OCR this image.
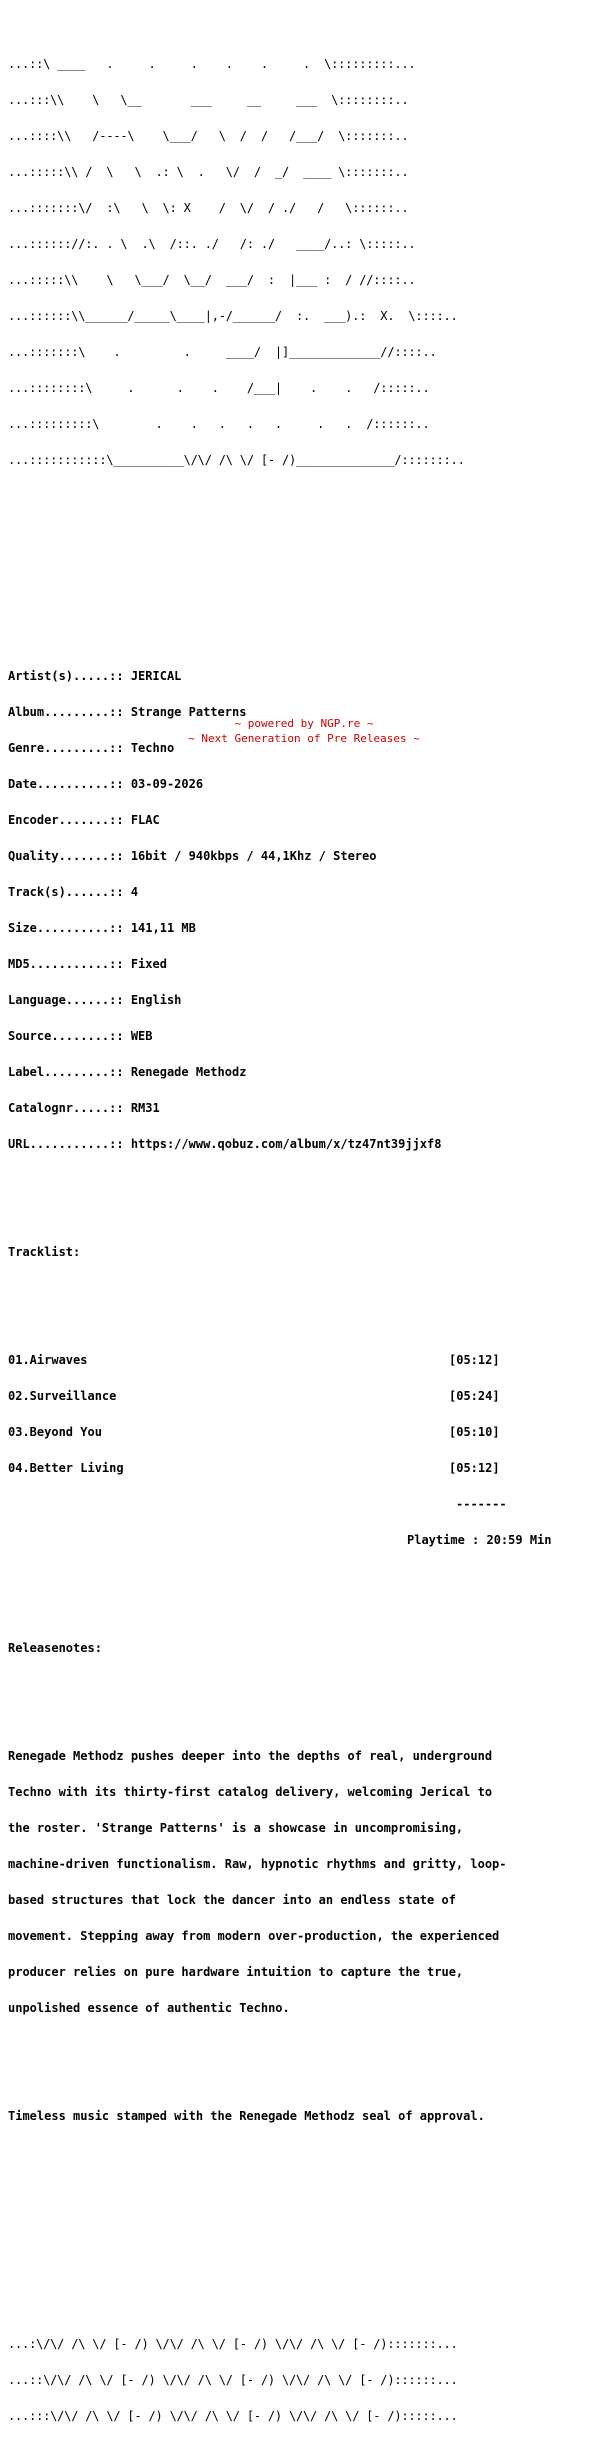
...::\ ____   .     .     .    .    .     .  \:::::::::...

...:::\\    \   \__       ___     __     ___  \::::::::..

...::::\\   /----\    \___/   \  /  /   /___/  \:::::::..

...:::::\\ /  \   \  .: \  .   \/  /  _/  ____ \:::::::..

...:::::::\/  :\   \  \: X    /  \/  / ./   /   \::::::..

...:::::://:. . \  .\  /::. ./   /: ./   ____/..: \:::::..

...:::::\\    \   \___/  \__/  ___/  :  |___ :  / //::::..

...::::::\\______/_____\____|,-/______/  :.  ___).:  X.  \::::..

...:::::::\    .         .     ____/  |]_____________//::::..

...::::::::\     .      .    .    /___|    .    .   /:::::..

...:::::::::\        .    .   .   .   .     .   .  /::::::..

...:::::::::::\__________\/\/ /\ \/ [- /)______________/:::::::..

Artist(s).....:: JERICAL

Album.........:: Strange Patterns

Genre.........:: Techno

Date..........:: 03-09-2026

Encoder.......:: FLAC

Quality.......:: 16bit / 940kbps / 44,1Khz / Stereo

Track(s)......:: 4

Size..........:: 141,11 MB

MD5...........:: Fixed

Language......:: English

Source........:: WEB

Label.........:: Renegade Methodz

Catalognr.....:: RM31

URL...........:: https://www.qobuz.com/album/x/tz47nt39jjxf8

Tracklist:

01.Airwaves	[05:12]

02.Surveillance	[05:24]

03.Beyond You	[05:10]

04.Better Living	[05:12]

-------

Playtime : 20:59 Min

Releasenotes:

Renegade Methodz pushes deeper into the depths of real, underground

Techno with its thirty-first catalog delivery, welcoming Jerical to

the roster. 'Strange Patterns' is a showcase in uncompromising,

machine-driven functionalism. Raw, hypnotic rhythms and gritty, loop-

based structures that lock the dancer into an endless state of

movement. Stepping away from modern over-production, the experienced

producer relies on pure hardware intuition to capture the true,

unpolished essence of authentic Techno.

Timeless music stamped with the Renegade Methodz seal of approval.

...:\/\/ /\ \/ [- /) \/\/ /\ \/ [- /) \/\/ /\ \/ [- /):::::::...

...::\/\/ /\ \/ [- /) \/\/ /\ \/ [- /) \/\/ /\ \/ [- /)::::::...

...:::\/\/ /\ \/ [- /) \/\/ /\ \/ [- /) \/\/ /\ \/ [- /):::::...

~ powered by NGP.re ~
~ Next Generation of Pre Releases ~
